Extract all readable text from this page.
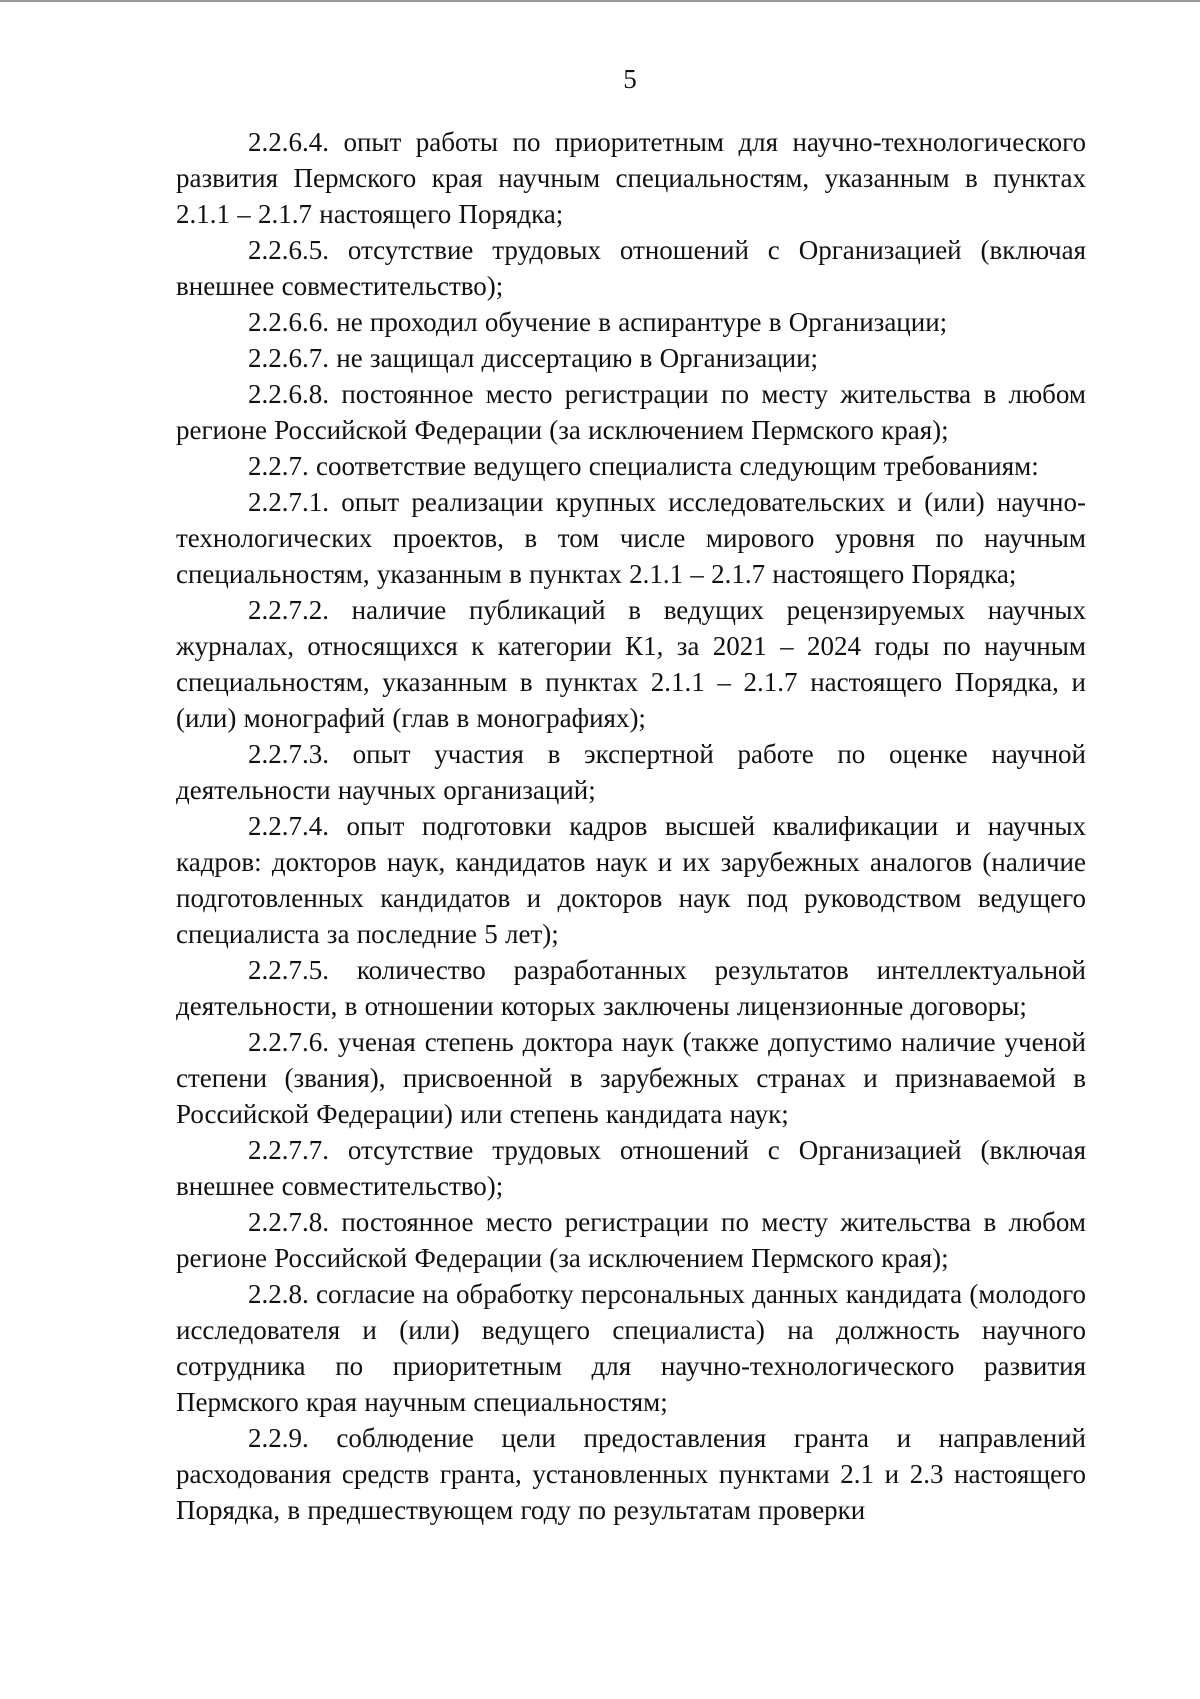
5

2.2.6.4. опыт работы по приоритетным для научно-технологического развития Пермского края научным специальностям, указанным в пунктах 2.1.1 – 2.1.7 настоящего Порядка;

2.2.6.5. отсутствие трудовых отношений с Организацией (включая внешнее совместительство);

2.2.6.6. не проходил обучение в аспирантуре в Организации;

2.2.6.7. не защищал диссертацию в Организации;

2.2.6.8. постоянное место регистрации по месту жительства в любом регионе Российской Федерации (за исключением Пермского края);

2.2.7. соответствие ведущего специалиста следующим требованиям:

2.2.7.1. опыт реализации крупных исследовательских и (или) научно-технологических проектов, в том числе мирового уровня по научным специальностям, указанным в пунктах 2.1.1 – 2.1.7 настоящего Порядка;

2.2.7.2. наличие публикаций в ведущих рецензируемых научных журналах, относящихся к категории К1, за 2021 – 2024 годы по научным специальностям, указанным в пунктах 2.1.1 – 2.1.7 настоящего Порядка, и (или) монографий (глав в монографиях);

2.2.7.3. опыт участия в экспертной работе по оценке научной деятельности научных организаций;

2.2.7.4. опыт подготовки кадров высшей квалификации и научных кадров: докторов наук, кандидатов наук и их зарубежных аналогов (наличие подготовленных кандидатов и докторов наук под руководством ведущего специалиста за последние 5 лет);

2.2.7.5. количество разработанных результатов интеллектуальной деятельности, в отношении которых заключены лицензионные договоры;

2.2.7.6. ученая степень доктора наук (также допустимо наличие ученой степени (звания), присвоенной в зарубежных странах и признаваемой в Российской Федерации) или степень кандидата наук;

2.2.7.7. отсутствие трудовых отношений с Организацией (включая внешнее совместительство);

2.2.7.8. постоянное место регистрации по месту жительства в любом регионе Российской Федерации (за исключением Пермского края);

2.2.8. согласие на обработку персональных данных кандидата (молодого исследователя и (или) ведущего специалиста) на должность научного сотрудника по приоритетным для научно-технологического развития Пермского края научным специальностям;

2.2.9. соблюдение цели предоставления гранта и направлений расходования средств гранта, установленных пунктами 2.1 и 2.3 настоящего Порядка, в предшествующем году по результатам проверки
